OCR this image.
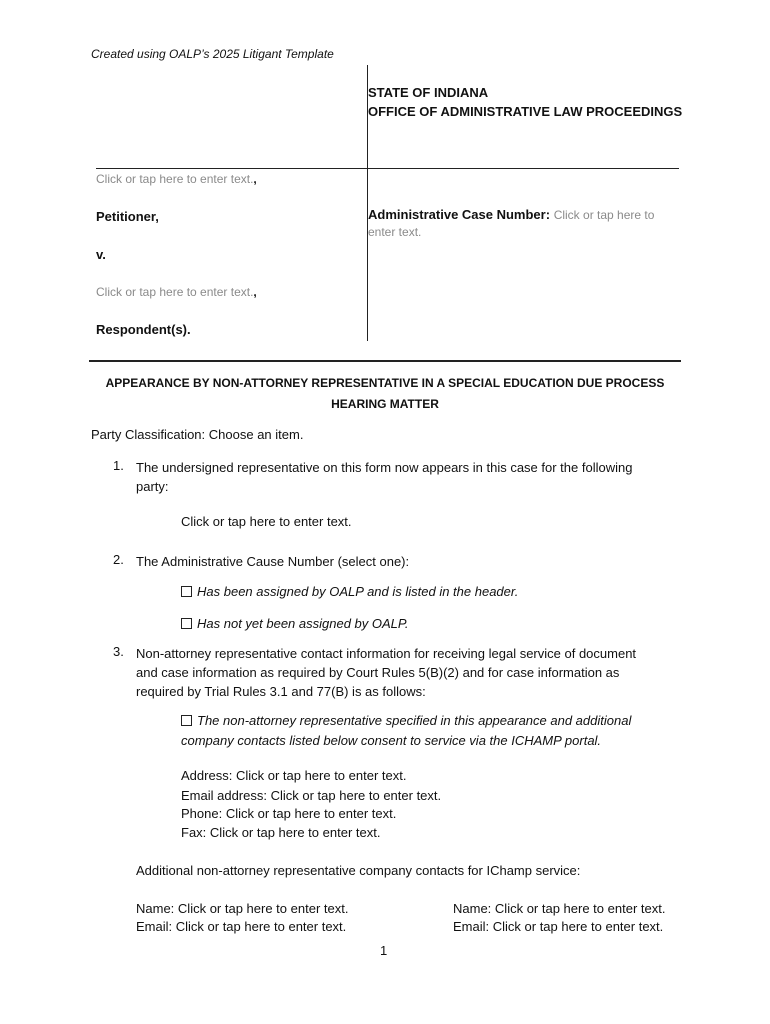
Created using OALP’s 2025 Litigant Template
STATE OF INDIANA
OFFICE OF ADMINISTRATIVE LAW PROCEEDINGS
Click or tap here to enter text.,
Petitioner,
v.
Click or tap here to enter text.,
Respondent(s).
Administrative Case Number: Click or tap here to
enter text.
APPEARANCE BY NON-ATTORNEY REPRESENTATIVE IN A SPECIAL EDUCATION DUE PROCESS
HEARING MATTER
Party Classification: Choose an item.
1. The undersigned representative on this form now appears in this case for the following
party:
Click or tap here to enter text.
2. The Administrative Cause Number (select one):
Has been assigned by OALP and is listed in the header.
Has not yet been assigned by OALP.
3. Non-attorney representative contact information for receiving legal service of document
and case information as required by Court Rules 5(B)(2) and for case information as
required by Trial Rules 3.1 and 77(B) is as follows:
The non-attorney representative specified in this appearance and additional
company contacts listed below consent to service via the ICHAMP portal.
Address: Click or tap here to enter text.
Email address: Click or tap here to enter text.
Phone: Click or tap here to enter text.
Fax: Click or tap here to enter text.
Additional non-attorney representative company contacts for IChamp service:
Name: Click or tap here to enter text.
Email: Click or tap here to enter text.
Name: Click or tap here to enter text.
Email: Click or tap here to enter text.
1
